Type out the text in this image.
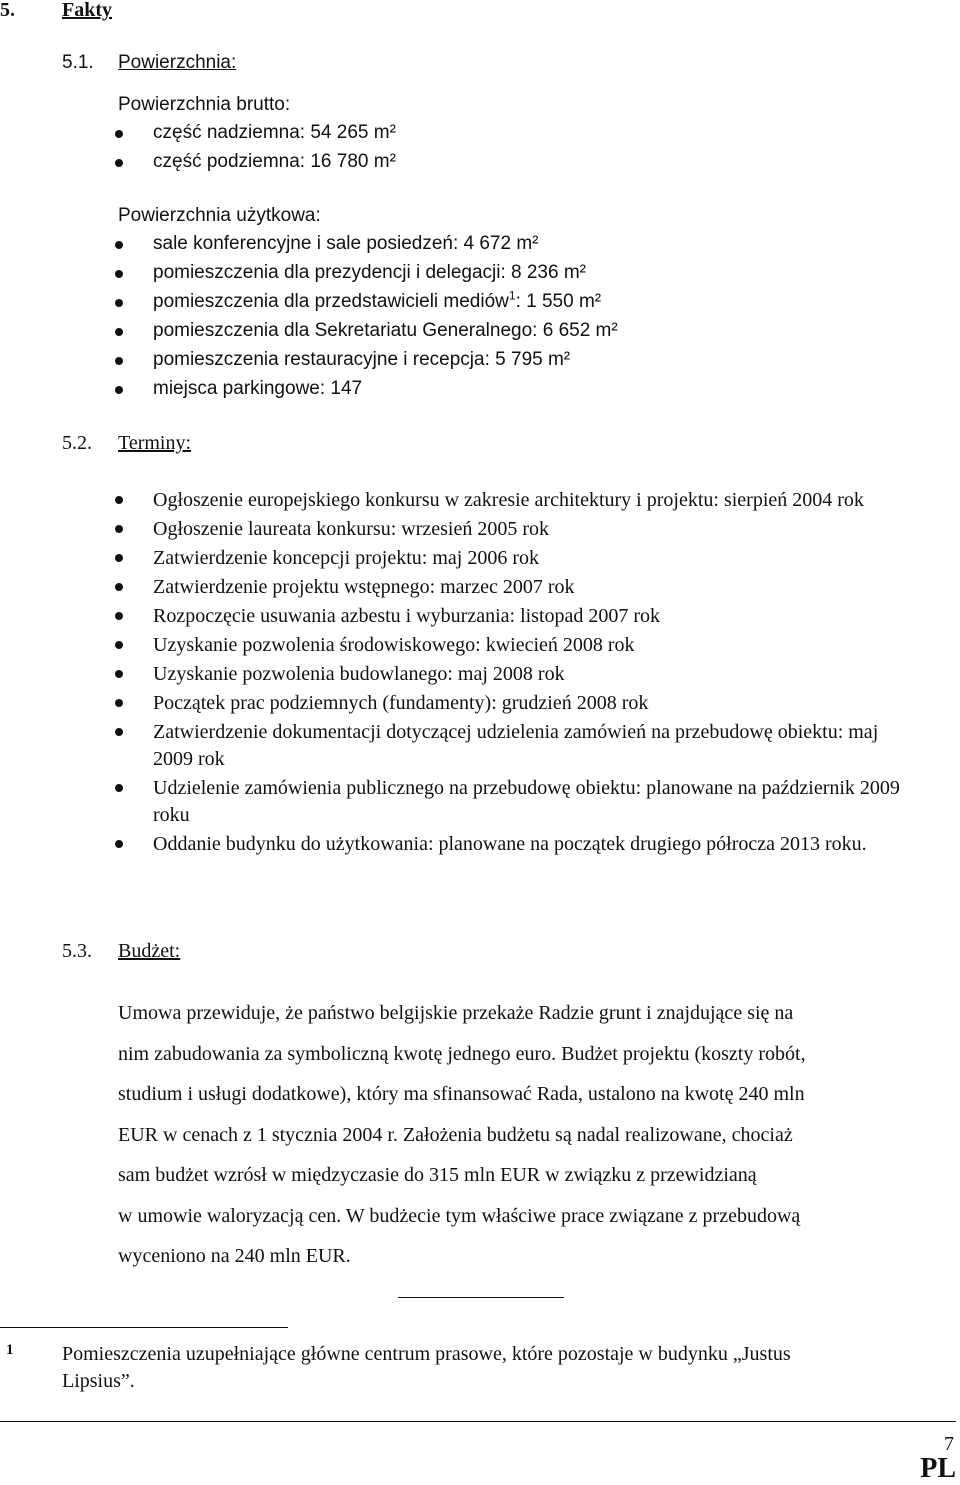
5. Fakty
5.1. Powierzchnia:
Powierzchnia brutto:
część nadziemna: 54 265 m²
część podziemna: 16 780 m²
Powierzchnia użytkowa:
sale konferencyjne i sale posiedzeń: 4 672 m²
pomieszczenia dla prezydencji i delegacji: 8 236 m²
pomieszczenia dla przedstawicieli mediów$^1$: 1 550 m²
pomieszczenia dla Sekretariatu Generalnego: 6 652 m²
pomieszczenia restauracyjne i recepcja: 5 795 m²
miejsca parkingowe: 147
5.2. Terminy:
Ogłoszenie europejskiego konkursu w zakresie architektury i projektu: sierpień 2004 rok
Ogłoszenie laureata konkursu: wrzesień 2005 rok
Zatwierdzenie koncepcji projektu: maj 2006 rok
Zatwierdzenie projektu wstępnego: marzec 2007 rok
Rozpoczęcie usuwania azbestu i wyburzania: listopad 2007 rok
Uzyskanie pozwolenia środowiskowego: kwiecień 2008 rok
Uzyskanie pozwolenia budowlanego: maj 2008 rok
Początek prac podziemnych (fundamenty): grudzień 2008 rok
Zatwierdzenie dokumentacji dotyczącej udzielenia zamówień na przebudowę obiektu: maj 2009 rok
Udzielenie zamówienia publicznego na przebudowę obiektu: planowane na październik 2009 roku
Oddanie budynku do użytkowania: planowane na początek drugiego półrocza 2013 roku.
5.3. Budżet:

Umowa przewiduje, że państwo belgijskie przekaże Radzie grunt i znajdujące się na

nim zabudowania za symboliczną kwotę jednego euro. Budżet projektu (koszty robót,

studium i usługi dodatkowe), który ma sfinansować Rada, ustalono na kwotę 240 mln

EUR w cenach z 1 stycznia 2004 r. Założenia budżetu są nadal realizowane, chociaż

sam budżet wzrósł w międzyczasie do 315 mln EUR w związku z przewidzianą

w umowie waloryzacją cen. W budżecie tym właściwe prace związane z przebudową

wyceniono na 240 mln EUR.

1 Pomieszczenia uzupełniające główne centrum prasowe, które pozostaje w budynku „Justus
Lipsius”.
7
PL
